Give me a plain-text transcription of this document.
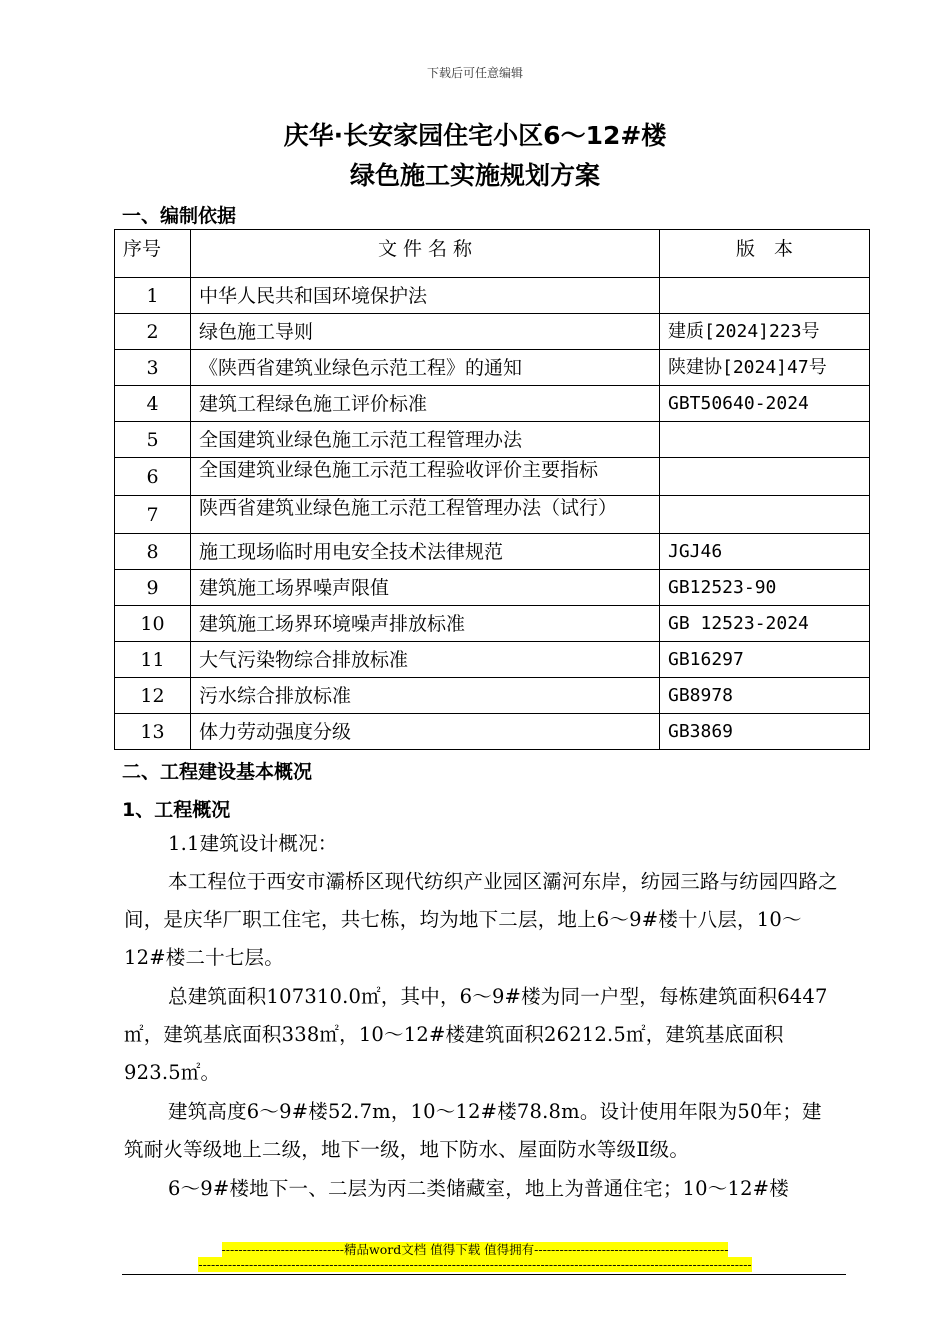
下载后可任意编辑
庆华·长安家园住宅小区6～12#楼
绿色施工实施规划方案
一、编制依据
序号	文 件 名 称	版　本
1	中华人民共和国环境保护法	
2	绿色施工导则	建质[2024]223号
3	《陕西省建筑业绿色示范工程》的通知	陕建协[2024]47号
4	建筑工程绿色施工评价标准	GBT50640-2024
5	全国建筑业绿色施工示范工程管理办法	
6	全国建筑业绿色施工示范工程验收评价主要指标	

7	陕西省建筑业绿色施工示范工程管理办法（试行）	

8	施工现场临时用电安全技术法律规范	JGJ46
9	建筑施工场界噪声限值	GB12523-90
10	建筑施工场界环境噪声排放标准	GB 12523-2024
11	大气污染物综合排放标准	GB16297
12	污水综合排放标准	GB8978
13	体力劳动强度分级	GB3869
二、工程建设基本概况
1、工程概况
1.1建筑设计概况：
本工程位于西安市灞桥区现代纺织产业园区灞河东岸，纺园三路与纺园四路之间，是庆华厂职工住宅，共七栋，均为地下二层，地上6～9#楼十八层，10～12#楼二十七层。
总建筑面积107310.0㎡，其中，6～9#楼为同一户型，每栋建筑面积6447㎡，建筑基底面积338㎡，10～12#楼建筑面积26212.5㎡，建筑基底面积923.5㎡。
建筑高度6～9#楼52.7m，10～12#楼78.8m。设计使用年限为50年；建筑耐火等级地上二级，地下一级，地下防水、屋面防水等级Ⅱ级。
6～9#楼地下一、二层为丙二类储藏室，地上为普通住宅；10～12#楼
-----------------------------精品word文档 值得下载 值得拥有----------------------------------------------
-----------------------------------------------------------------------------------------------------------------------------------
